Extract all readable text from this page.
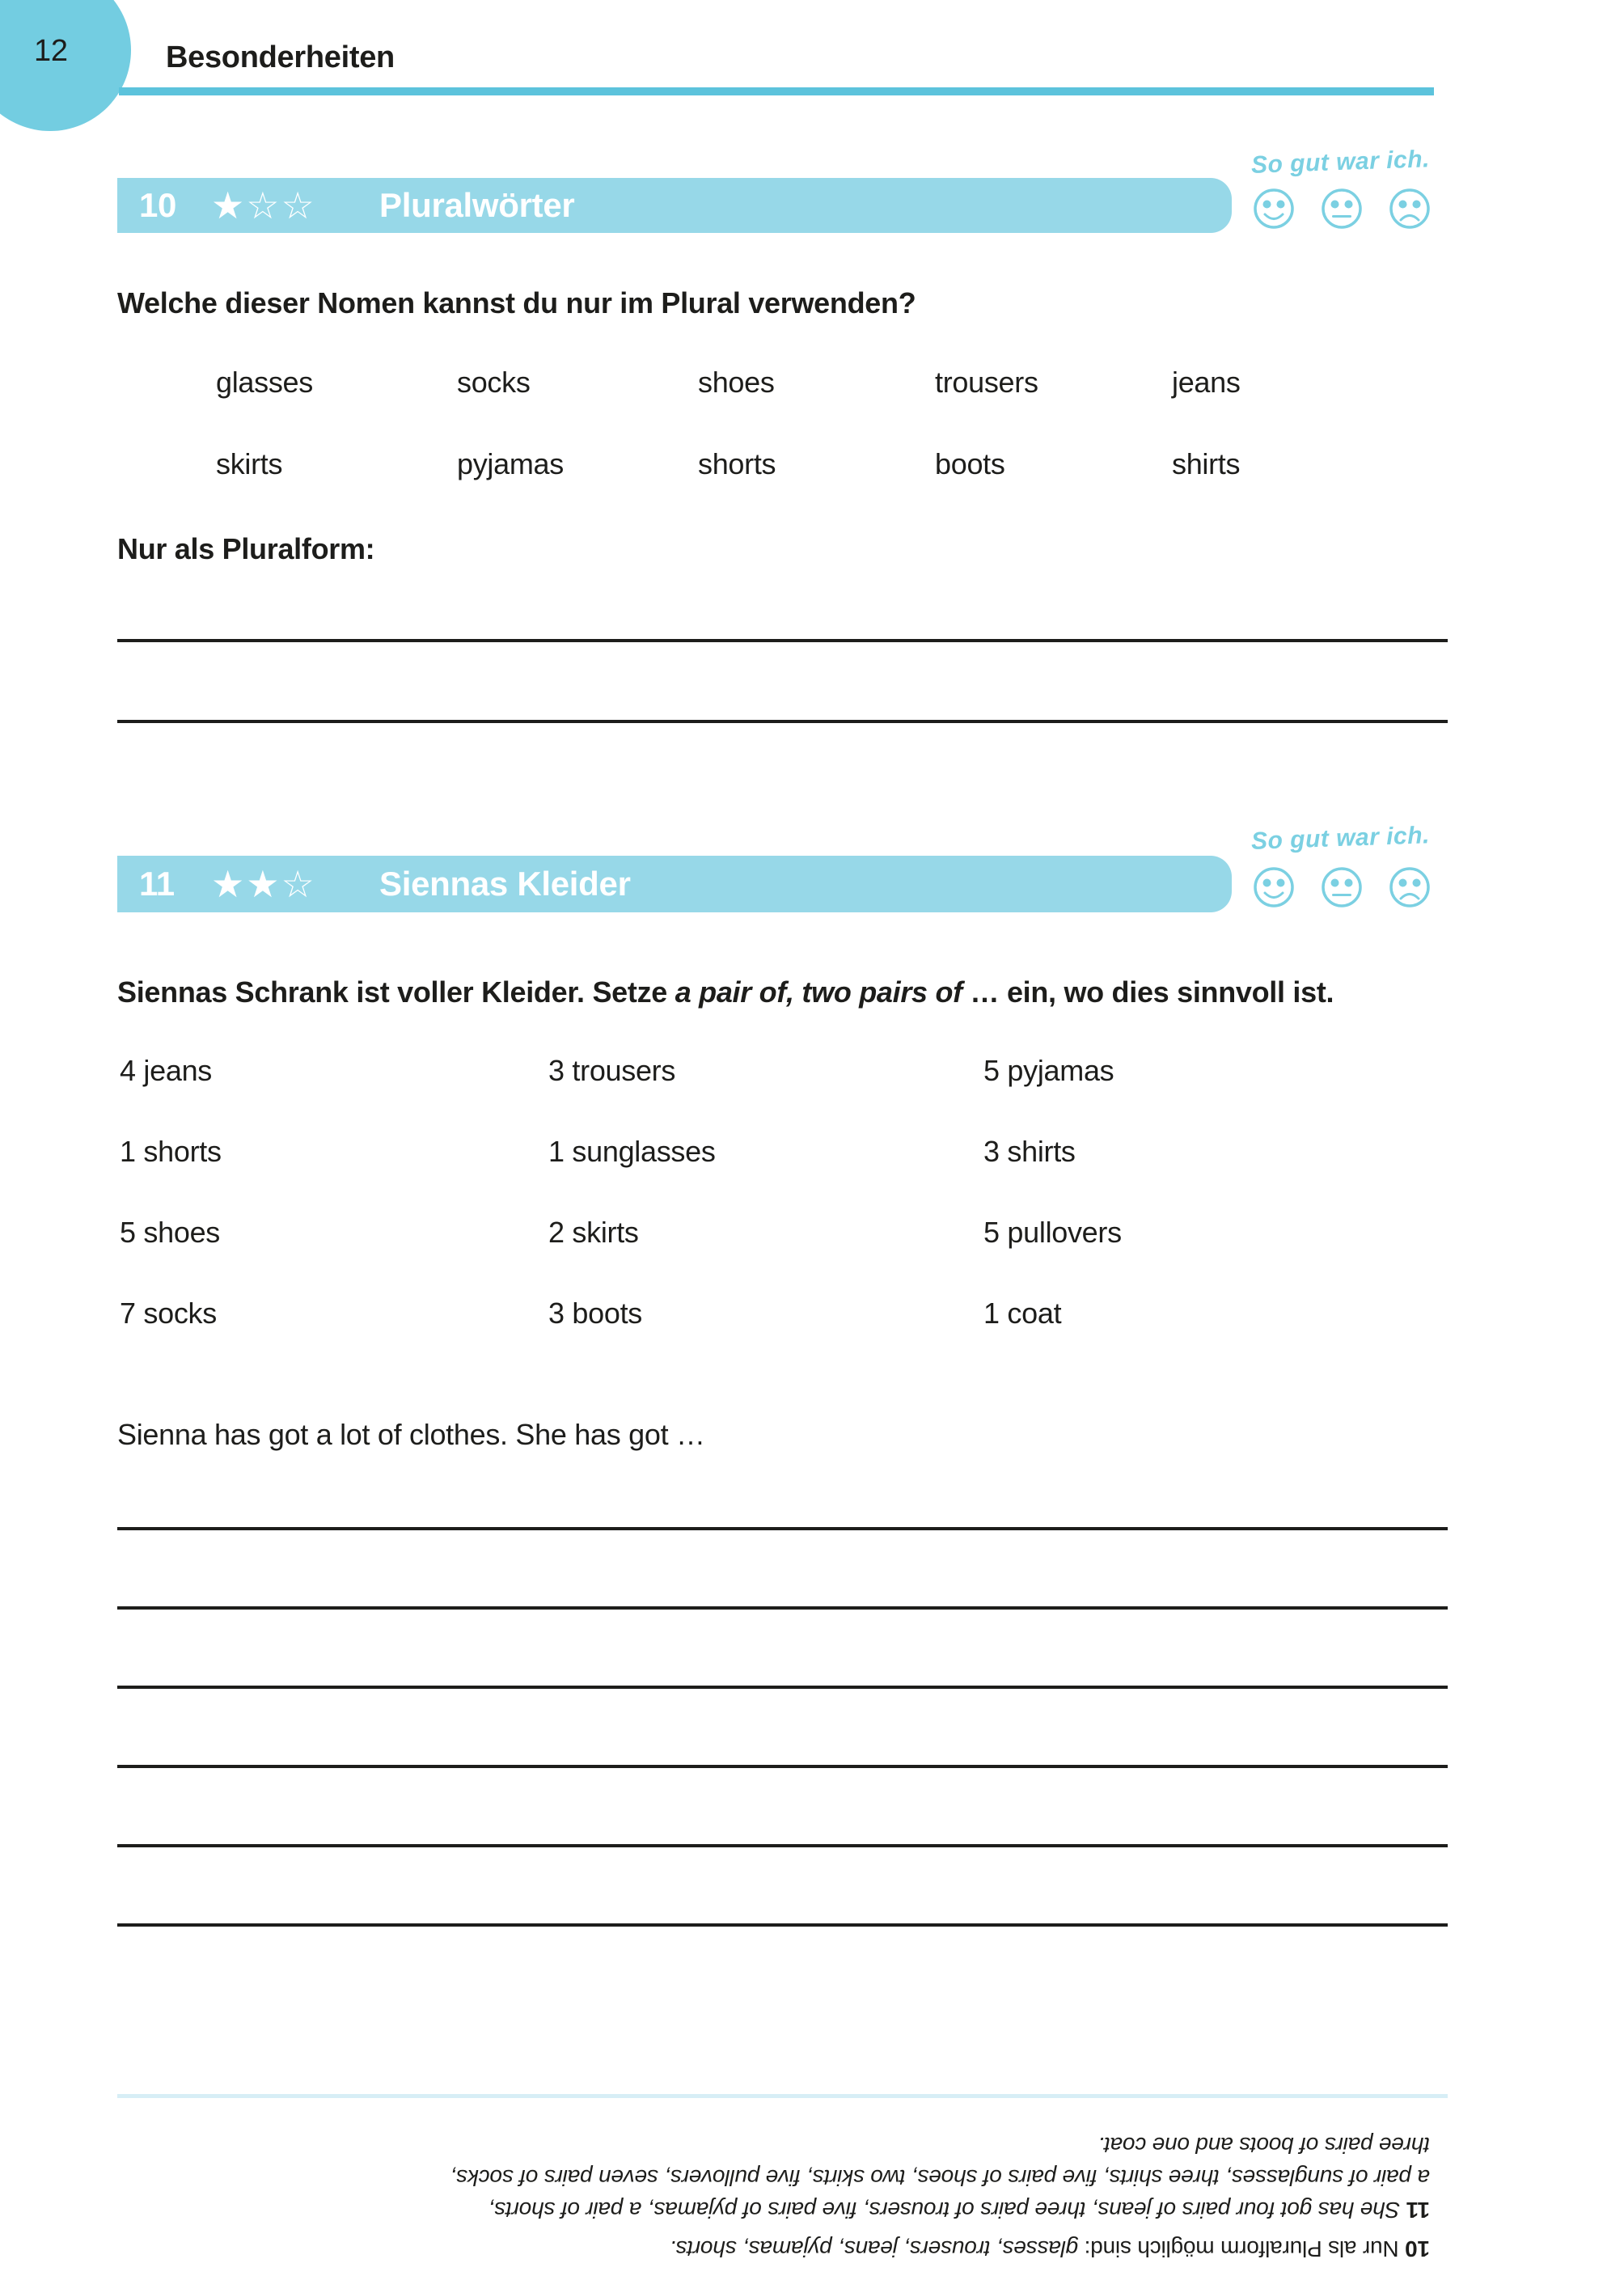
12	Besonderheiten
So gut war ich.
10 ★☆☆ Pluralwörter
Welche dieser Nomen kannst du nur im Plural verwenden?
glasses	socks	shoes	trousers	jeans
skirts	pyjamas	shorts	boots	shirts
Nur als Pluralform:
So gut war ich.
11 ★★☆ Siennas Kleider
Siennas Schrank ist voller Kleider. Setze a pair of, two pairs of … ein, wo dies sinnvoll ist.
4 jeans	3 trousers	5 pyjamas
1 shorts	1 sunglasses	3 shirts
5 shoes	2 skirts	5 pullovers
7 socks	3 boots	1 coat
Sienna has got a lot of clothes. She has got …
10 Nur als Pluralform möglich sind: glasses, trousers, jeans, pyjamas, shorts.
11 She has got four pairs of jeans, three pairs of trousers, five pairs of pyjamas, a pair of shorts,
a pair of sunglasses, three shirts, five pairs of shoes, two skirts, five pullovers, seven pairs of socks,
three pairs of boots and one coat.
